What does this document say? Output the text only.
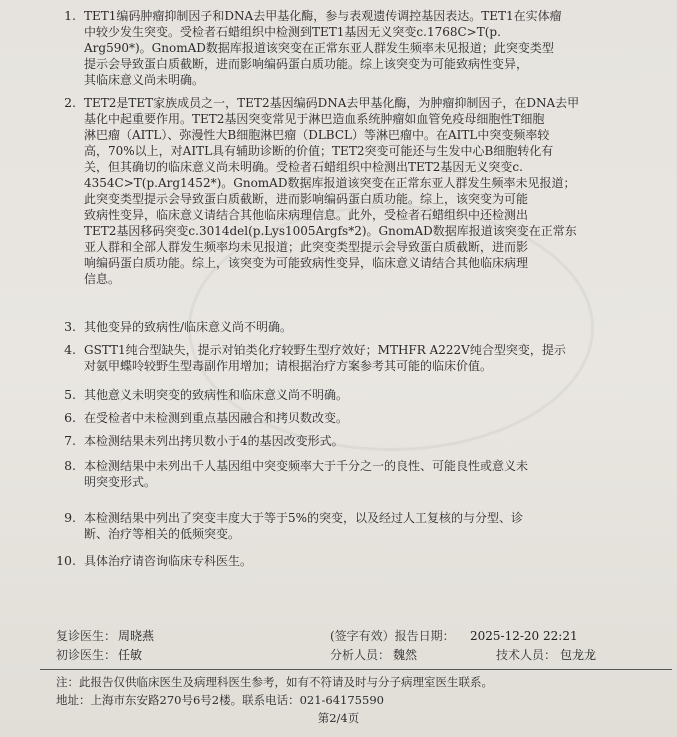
1. TET1编码肿瘤抑制因子和DNA去甲基化酶，参与表观遗传调控基因表达。TET1在实体瘤
中较少发生突变。受检者石蜡组织中检测到TET1基因无义突变c.1768C>T(p.
Arg590*)。GnomAD数据库报道该突变在正常东亚人群发生频率未见报道；此突变类型
提示会导致蛋白质截断，进而影响编码蛋白质功能。综上该突变为可能致病性变异，
其临床意义尚未明确。
2. TET2是TET家族成员之一，TET2基因编码DNA去甲基化酶，为肿瘤抑制因子，在DNA去甲
基化中起重要作用。TET2基因突变常见于淋巴造血系统肿瘤如血管免疫母细胞性T细胞
淋巴瘤（AITL）、弥漫性大B细胞淋巴瘤（DLBCL）等淋巴瘤中。在AITL中突变频率较
高，70%以上，对AITL具有辅助诊断的价值；TET2突变可能还与生发中心B细胞转化有
关，但其确切的临床意义尚未明确。受检者石蜡组织中检测出TET2基因无义突变c.
4354C>T(p.Arg1452*)。GnomAD数据库报道该突变在正常东亚人群发生频率未见报道；
此突变类型提示会导致蛋白质截断，进而影响编码蛋白质功能。综上，该突变为可能
致病性变异，临床意义请结合其他临床病理信息。此外，受检者石蜡组织中还检测出
TET2基因移码突变c.3014del(p.Lys1005Argfs*2)。GnomAD数据库报道该突变在正常东
亚人群和全部人群发生频率均未见报道；此突变类型提示会导致蛋白质截断，进而影
响编码蛋白质功能。综上，该突变为可能致病性变异，临床意义请结合其他临床病理
信息。
3. 其他变异的致病性/临床意义尚不明确。
4. GSTT1纯合型缺失，提示对铂类化疗较野生型疗效好；MTHFR A222V纯合型突变，提示
对氨甲蝶呤较野生型毒副作用增加；请根据治疗方案参考其可能的临床价值。
5. 其他意义未明突变的致病性和临床意义尚不明确。
6. 在受检者中未检测到重点基因融合和拷贝数改变。
7. 本检测结果未列出拷贝数小于4的基因改变形式。
8. 本检测结果中未列出千人基因组中突变频率大于千分之一的良性、可能良性或意义未
明突变形式。
9. 本检测结果中列出了突变丰度大于等于5%的突变，以及经过人工复核的与分型、诊
断、治疗等相关的低频突变。
10. 具体治疗请咨询临床专科医生。
复诊医生： 周晓燕	(签字有效）报告日期： 2025-12-20 22:21
初诊医生： 任敏	分析人员： 魏然	技术人员： 包龙龙
注：此报告仅供临床医生及病理科医生参考，如有不符请及时与分子病理室医生联系。
地址：上海市东安路270号6号2楼。联系电话：021-64175590
第2/4页
